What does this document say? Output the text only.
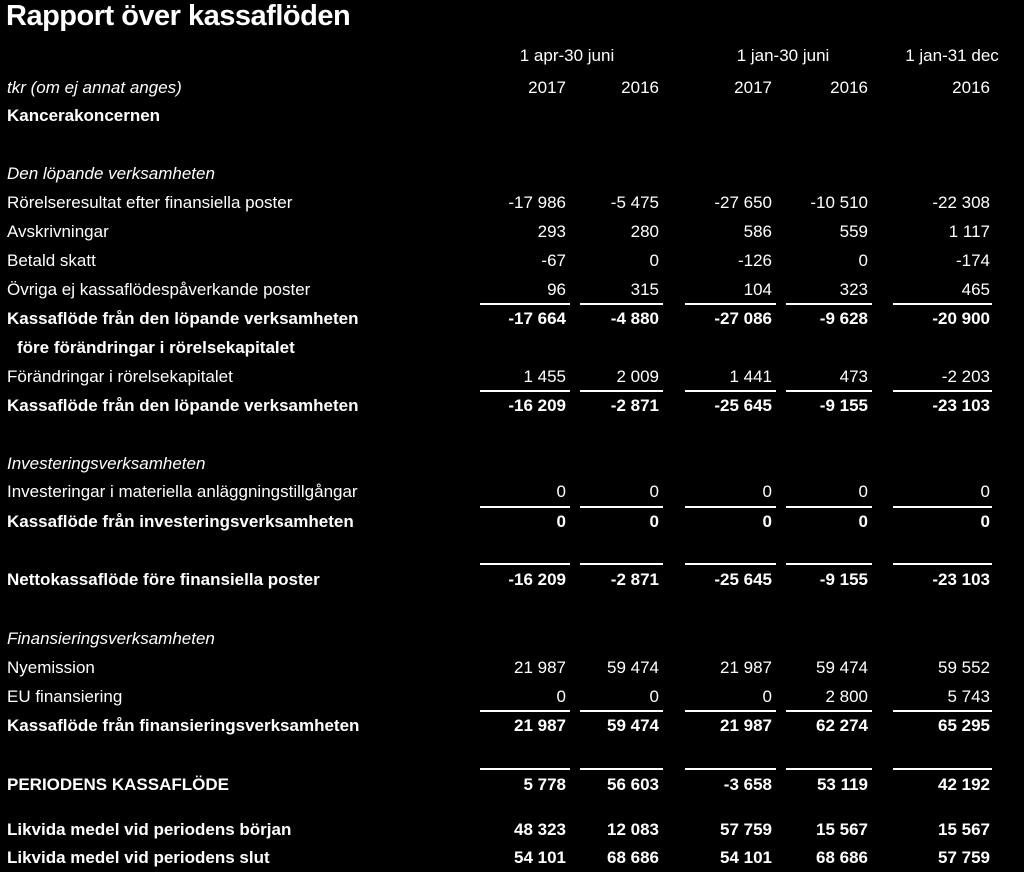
Rapport över kassaflöden
1 apr-30 juni	1 jan-30 juni	1 jan-31 dec
tkr (om ej annat anges)	2017	2016	2017	2016	2016
Kancerakoncernen
Den löpande verksamheten
Rörelseresultat efter finansiella poster	-17 986	-5 475	-27 650	-10 510	-22 308
Avskrivningar	293	280	586	559	1 117
Betald skatt	-67	0	-126	0	-174
Övriga ej kassaflödespåverkande poster	96	315	104	323	465
Kassaflöde från den löpande verksamheten	-17 664	-4 880	-27 086	-9 628	-20 900
före förändringar i rörelsekapitalet
Förändringar i rörelsekapitalet	1 455	2 009	1 441	473	-2 203
Kassaflöde från den löpande verksamheten	-16 209	-2 871	-25 645	-9 155	-23 103
Investeringsverksamheten
Investeringar i materiella anläggningstillgångar	0	0	0	0	0
Kassaflöde från investeringsverksamheten	0	0	0	0	0
Nettokassaflöde före finansiella poster	-16 209	-2 871	-25 645	-9 155	-23 103
Finansieringsverksamheten
Nyemission	21 987	59 474	21 987	59 474	59 552
EU finansiering	0	0	0	2 800	5 743
Kassaflöde från finansieringsverksamheten	21 987	59 474	21 987	62 274	65 295
PERIODENS KASSAFLÖDE	5 778	56 603	-3 658	53 119	42 192
Likvida medel vid periodens början	48 323	12 083	57 759	15 567	15 567
Likvida medel vid periodens slut	54 101	68 686	54 101	68 686	57 759
